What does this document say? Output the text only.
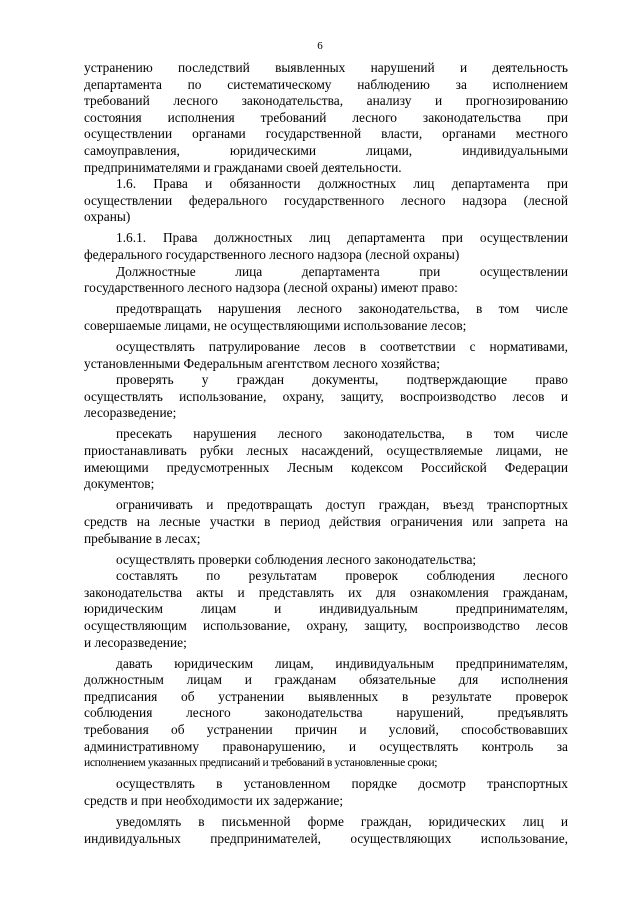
6
устранению последствий выявленных нарушений и деятельность
департамента по систематическому наблюдению за исполнением
требований лесного законодательства, анализу и прогнозированию
состояния исполнения требований лесного законодательства при
осуществлении органами государственной власти, органами местного
самоуправления, юридическими лицами, индивидуальными
предпринимателями и гражданами своей деятельности.
1.6. Права и обязанности должностных лиц департамента при
осуществлении федерального государственного лесного надзора (лесной
охраны)
1.6.1. Права должностных лиц департамента при осуществлении
федерального государственного лесного надзора (лесной охраны)
Должностные лица департамента при осуществлении
государственного лесного надзора (лесной охраны) имеют право:
предотвращать нарушения лесного законодательства, в том числе
совершаемые лицами, не осуществляющими использование лесов;
осуществлять патрулирование лесов в соответствии с нормативами,
установленными Федеральным агентством лесного хозяйства;
проверять у граждан документы, подтверждающие право
осуществлять использование, охрану, защиту, воспроизводство лесов и
лесоразведение;
пресекать нарушения лесного законодательства, в том числе
приостанавливать рубки лесных насаждений, осуществляемые лицами, не
имеющими предусмотренных Лесным кодексом Российской Федерации
документов;
ограничивать и предотвращать доступ граждан, въезд транспортных
средств на лесные участки в период действия ограничения или запрета на
пребывание в лесах;
осуществлять проверки соблюдения лесного законодательства;
составлять по результатам проверок соблюдения лесного
законодательства акты и представлять их для ознакомления гражданам,
юридическим лицам и индивидуальным предпринимателям,
осуществляющим использование, охрану, защиту, воспроизводство лесов
и лесоразведение;
давать юридическим лицам, индивидуальным предпринимателям,
должностным лицам и гражданам обязательные для исполнения
предписания об устранении выявленных в результате проверок
соблюдения лесного законодательства нарушений, предъявлять
требования об устранении причин и условий, способствовавших
административному правонарушению, и осуществлять контроль за
исполнением указанных предписаний и требований в установленные сроки;
осуществлять в установленном порядке досмотр транспортных
средств и при необходимости их задержание;
уведомлять в письменной форме граждан, юридических лиц и
индивидуальных предпринимателей, осуществляющих использование,
